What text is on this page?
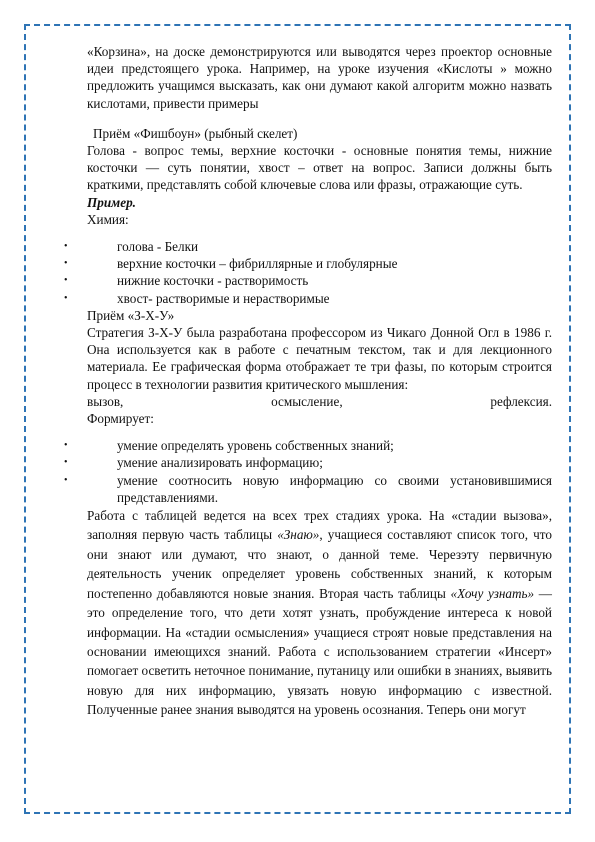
«Корзина», на доске демонстрируются или выводятся через проектор основные идеи предстоящего урока. Например, на уроке изучения «Кислоты » можно предложить учащимся высказать, как они думают какой алгоритм можно назвать кислотами, привести примеры

Приём «Фишбоун» (рыбный скелет)

Голова - вопрос темы, верхние косточки - основные понятия темы, нижние косточки — суть понятии, хвост – ответ на вопрос. Записи должны быть краткими, представлять собой ключевые слова или фразы, отражающие суть.

Пример.

Химия:

• голова - Белки
• верхние косточки – фибриллярные и глобулярные
• нижние косточки - растворимость
• хвост- растворимые и нерастворимые

Приём «З-Х-У»

Стратегия З-Х-У была разработана профессором из Чикаго Донной Огл в 1986 г. Она используется как в работе с печатным текстом, так и для лекционного материала. Ее графическая форма отображает те три фазы, по которым строится процесс в технологии развития критического мышления:

вызов, осмысление, рефлексия.

Формирует:

• умение определять уровень собственных знаний;
• умение анализировать информацию;
• умение соотносить новую информацию со своими установившимися представлениями.

Работа с таблицей ведется на всех трех стадиях урока. На «стадии вызова», заполняя первую часть таблицы «Знаю», учащиеся составляют список того, что они знают или думают, что знают, о данной теме. Черезэту первичную деятельность ученик определяет уровень собственных знаний, к которым постепенно добавляются новые знания. Вторая часть таблицы «Хочу узнать» — это определение того, что дети хотят узнать, пробуждение интереса к новой информации. На «стадии осмысления» учащиеся строят новые представления на основании имеющихся знаний. Работа с использованием стратегии «Инсерт» помогает осветить неточное понимание, путаницу или ошибки в знаниях, выявить новую для них информацию, увязать новую информацию с известной. Полученные ранее знания выводятся на уровень осознания. Теперь они могут
